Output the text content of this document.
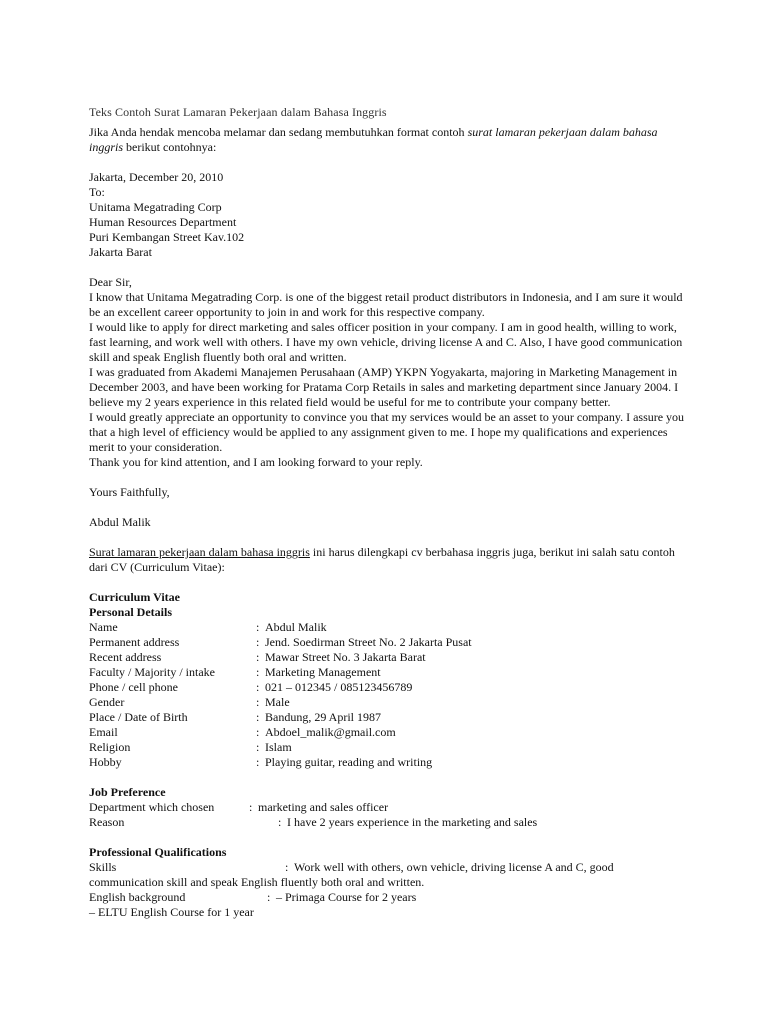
Teks Contoh Surat Lamaran Pekerjaan dalam Bahasa Inggris
Jika Anda hendak mencoba melamar dan sedang membutuhkan format contoh surat lamaran pekerjaan dalam bahasa inggris berikut contohnya:
Jakarta, December 20, 2010
To:
Unitama Megatrading Corp
Human Resources Department
Puri Kembangan Street Kav.102
Jakarta Barat
Dear Sir,
I know that Unitama Megatrading Corp. is one of the biggest retail product distributors in Indonesia, and I am sure it would be an excellent career opportunity to join in and work for this respective company.
I would like to apply for direct marketing and sales officer position in your company. I am in good health, willing to work, fast learning, and work well with others. I have my own vehicle, driving license A and C. Also, I have good communication skill and speak English fluently both oral and written.
I was graduated from Akademi Manajemen Perusahaan (AMP) YKPN Yogyakarta, majoring in Marketing Management in December 2003, and have been working for Pratama Corp Retails in sales and marketing department since January 2004. I believe my 2 years experience in this related field would be useful for me to contribute your company better.
I would greatly appreciate an opportunity to convince you that my services would be an asset to your company. I assure you that a high level of efficiency would be applied to any assignment given to me. I hope my qualifications and experiences merit to your consideration.
Thank you for kind attention, and I am looking forward to your reply.
Yours Faithfully,
Abdul Malik
Surat lamaran pekerjaan dalam bahasa inggris ini harus dilengkapi cv berbahasa inggris juga, berikut ini salah satu contoh dari CV (Curriculum Vitae):
Curriculum Vitae
Personal Details
Name	: Abdul Malik
Permanent address	: Jend. Soedirman Street No. 2 Jakarta Pusat
Recent address	: Mawar Street No. 3 Jakarta Barat
Faculty / Majority / intake	: Marketing Management
Phone / cell phone	: 021 – 012345 / 085123456789
Gender	: Male
Place / Date of Birth	: Bandung, 29 April 1987
Email	: Abdoel_malik@gmail.com
Religion	: Islam
Hobby	: Playing guitar, reading and writing
Job Preference
Department which chosen	: marketing and sales officer
Reason	: I have 2 years experience in the marketing and sales
Professional Qualifications
Skills	: Work well with others, own vehicle, driving license A and C, good
communication skill and speak English fluently both oral and written.
English background	: – Primaga Course for 2 years
– ELTU English Course for 1 year
